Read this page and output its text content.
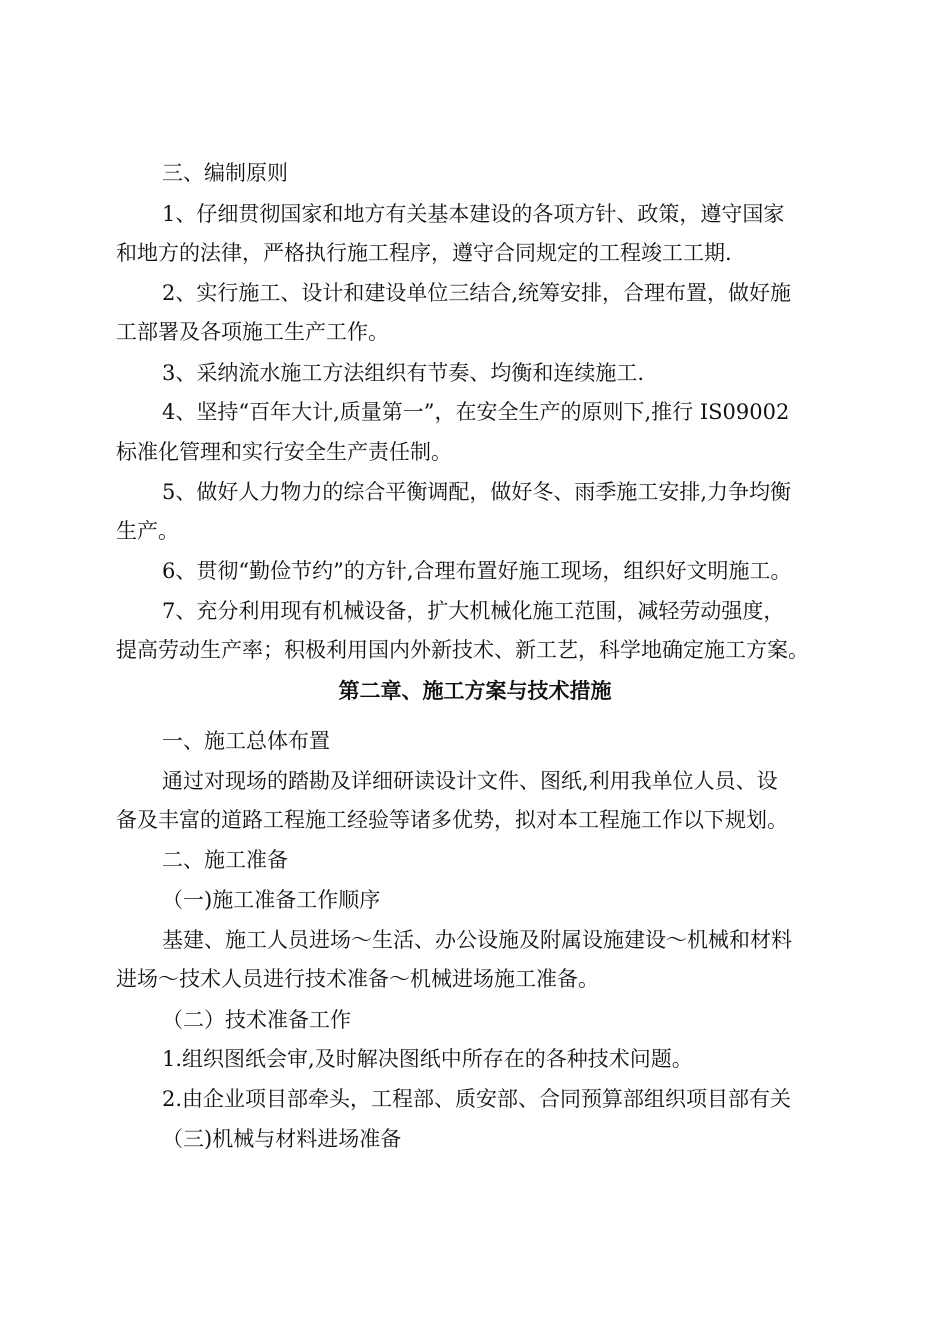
三、编制原则
1、仔细贯彻国家和地方有关基本建设的各项方针、政策，遵守国家
和地方的法律，严格执行施工程序，遵守合同规定的工程竣工工期.
2、实行施工、设计和建设单位三结合,统筹安排，合理布置，做好施
工部署及各项施工生产工作。
3、采纳流水施工方法组织有节奏、均衡和连续施工.
4、坚持“百年大计,质量第一”，在安全生产的原则下,推行 IS09002
标准化管理和实行安全生产责任制。
5、做好人力物力的综合平衡调配，做好冬、雨季施工安排,力争均衡
生产。
6、贯彻“勤俭节约”的方针,合理布置好施工现场，组织好文明施工。
7、充分利用现有机械设备，扩大机械化施工范围，减轻劳动强度，
提高劳动生产率；积极利用国内外新技术、新工艺，科学地确定施工方案。
第二章、施工方案与技术措施
一、施工总体布置
通过对现场的踏勘及详细研读设计文件、图纸,利用我单位人员、设
备及丰富的道路工程施工经验等诸多优势，拟对本工程施工作以下规划。
二、施工准备
（一)施工准备工作顺序
基建、施工人员进场～生活、办公设施及附属设施建设～机械和材料
进场～技术人员进行技术准备～机械进场施工准备。
（二）技术准备工作
1.组织图纸会审,及时解决图纸中所存在的各种技术问题。
2.由企业项目部牵头，工程部、质安部、合同预算部组织项目部有关
（三)机械与材料进场准备
